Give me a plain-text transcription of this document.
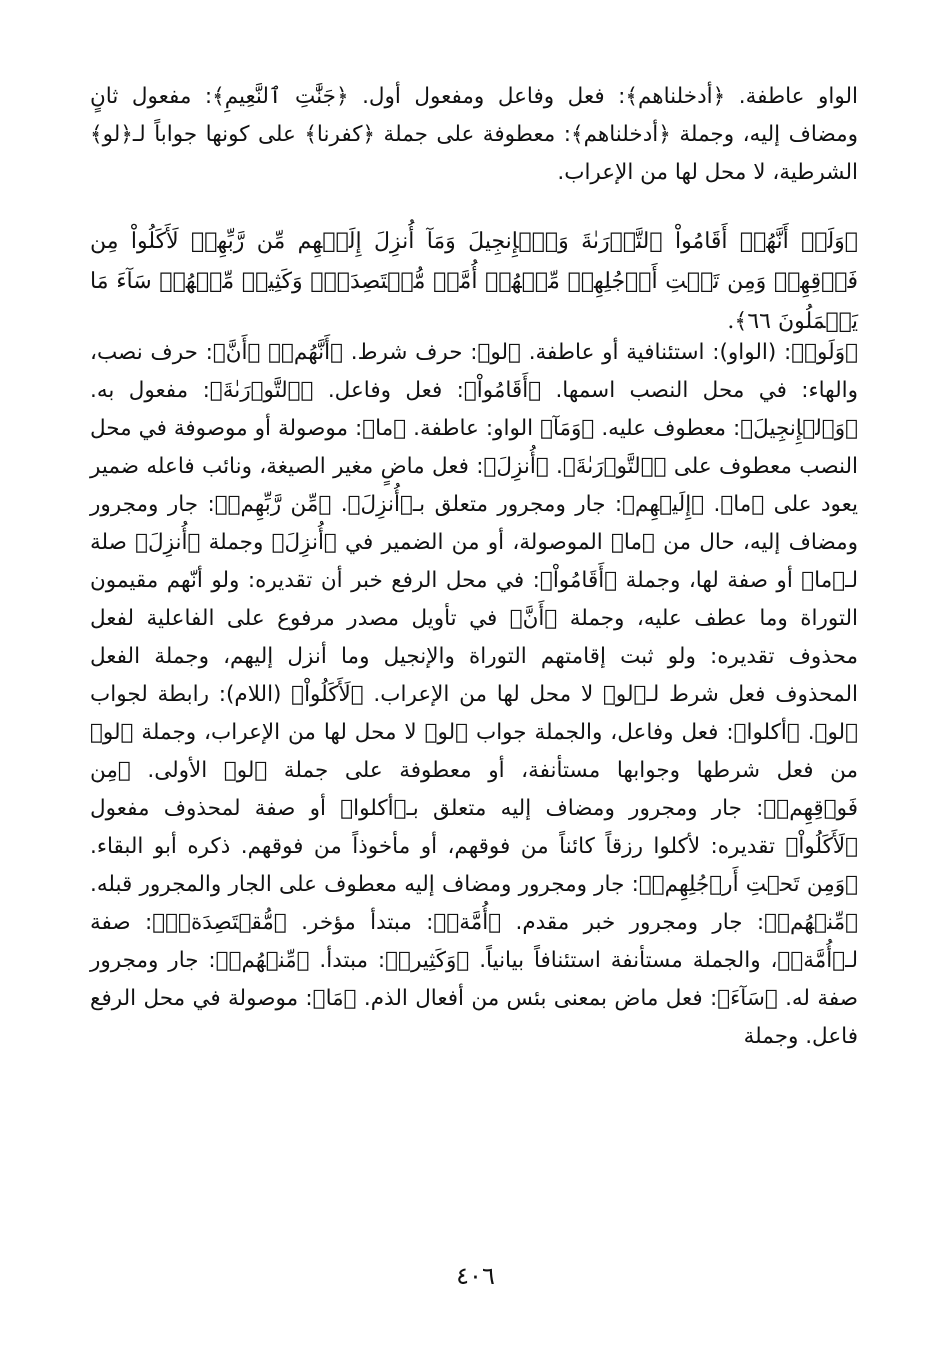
الواو عاطفة. ﴿أدخلناهم﴾: فعل وفاعل ومفعول أول. ﴿جَنَّٰتِ ٱلنَّعِيمِ﴾: مفعول ثانٍ ومضاف إليه، وجملة ﴿أدخلناهم﴾: معطوفة على جملة ﴿كفرنا﴾ على كونها جواباً لـ﴿لو﴾ الشرطية، لا محل لها من الإعراب.

﴿وَلَوۡ أَنَّهُمۡ أَقَامُواْ ٱلتَّوۡرَىٰةَ وَٱلۡإِنجِيلَ وَمَآ أُنزِلَ إِلَيۡهِم مِّن رَّبِّهِمۡ لَأَكَلُواْ مِن فَوۡقِهِمۡ وَمِن تَحۡتِ أَرۡجُلِهِمۚ مِّنۡهُمۡ أُمَّةٞ مُّقۡتَصِدَةٞۖ وَكَثِيرٞ مِّنۡهُمۡ سَآءَ مَا يَعۡمَلُونَ ٦٦﴾.

﴿وَلَوۡ﴾: (الواو): استئنافية أو عاطفة. ﴿لو﴾: حرف شرط. ﴿أَنَّهُمۡ﴾ ﴿أَنَّ﴾: حرف نصب، والهاء: في محل النصب اسمها. ﴿أَقَامُواْ﴾: فعل وفاعل. ﴿ٱلتَّوۡرَىٰةَ﴾: مفعول به. ﴿وَٱلۡإِنجِيلَ﴾: معطوف عليه. ﴿وَمَآ﴾ الواو: عاطفة. ﴿ما﴾: موصولة أو موصوفة في محل النصب معطوف على ﴿ٱلتَّوۡرَىٰةَ﴾. ﴿أُنزِلَ﴾: فعل ماضٍ مغير الصيغة، ونائب فاعله ضمير يعود على ﴿ما﴾. ﴿إِلَيۡهِم﴾: جار ومجرور متعلق بـ﴿أُنزِلَ﴾. ﴿مِّن رَّبِّهِمۡ﴾: جار ومجرور ومضاف إليه، حال من ﴿ما﴾ الموصولة، أو من الضمير في ﴿أُنزِلَ﴾ وجملة ﴿أُنزِلَ﴾ صلة لـ﴿ما﴾ أو صفة لها، وجملة ﴿أَقَامُواْ﴾: في محل الرفع خبر أن تقديره: ولو أنّهم مقيمون التوراة وما عطف عليه، وجملة ﴿أَنَّ﴾ في تأويل مصدر مرفوع على الفاعلية لفعل محذوف تقديره: ولو ثبت إقامتهم التوراة والإنجيل وما أنزل إليهم، وجملة الفعل المحذوف فعل شرط لـ﴿لو﴾ لا محل لها من الإعراب. ﴿لَأَكَلُواْ﴾ (اللام): رابطة لجواب ﴿لو﴾. ﴿أكلوا﴾: فعل وفاعل، والجملة جواب ﴿لو﴾ لا محل لها من الإعراب، وجملة ﴿لو﴾ من فعل شرطها وجوابها مستأنفة، أو معطوفة على جملة ﴿لو﴾ الأولى. ﴿مِن فَوۡقِهِمۡ﴾: جار ومجرور ومضاف إليه متعلق بـ﴿أكلوا﴾ أو صفة لمحذوف مفعول ﴿لَأَكَلُواْ﴾ تقديره: لأكلوا رزقاً كائناً من فوقهم، أو مأخوذاً من فوقهم. ذكره أبو البقاء. ﴿وَمِن تَحۡتِ أَرۡجُلِهِمۚ﴾: جار ومجرور ومضاف إليه معطوف على الجار والمجرور قبله. ﴿مِّنۡهُمۡ﴾: جار ومجرور خبر مقدم. ﴿أُمَّةٞ﴾: مبتدأ مؤخر. ﴿مُّقۡتَصِدَةٞۖ﴾: صفة لـ﴿أُمَّةٞ﴾، والجملة مستأنفة استئنافاً بيانياً. ﴿وَكَثِيرٞ﴾: مبتدأ. ﴿مِّنۡهُمۡ﴾: جار ومجرور صفة له. ﴿سَآءَ﴾: فعل ماض بمعنى بئس من أفعال الذم. ﴿مَا﴾: موصولة في محل الرفع فاعل. وجملة

٤٠٦
